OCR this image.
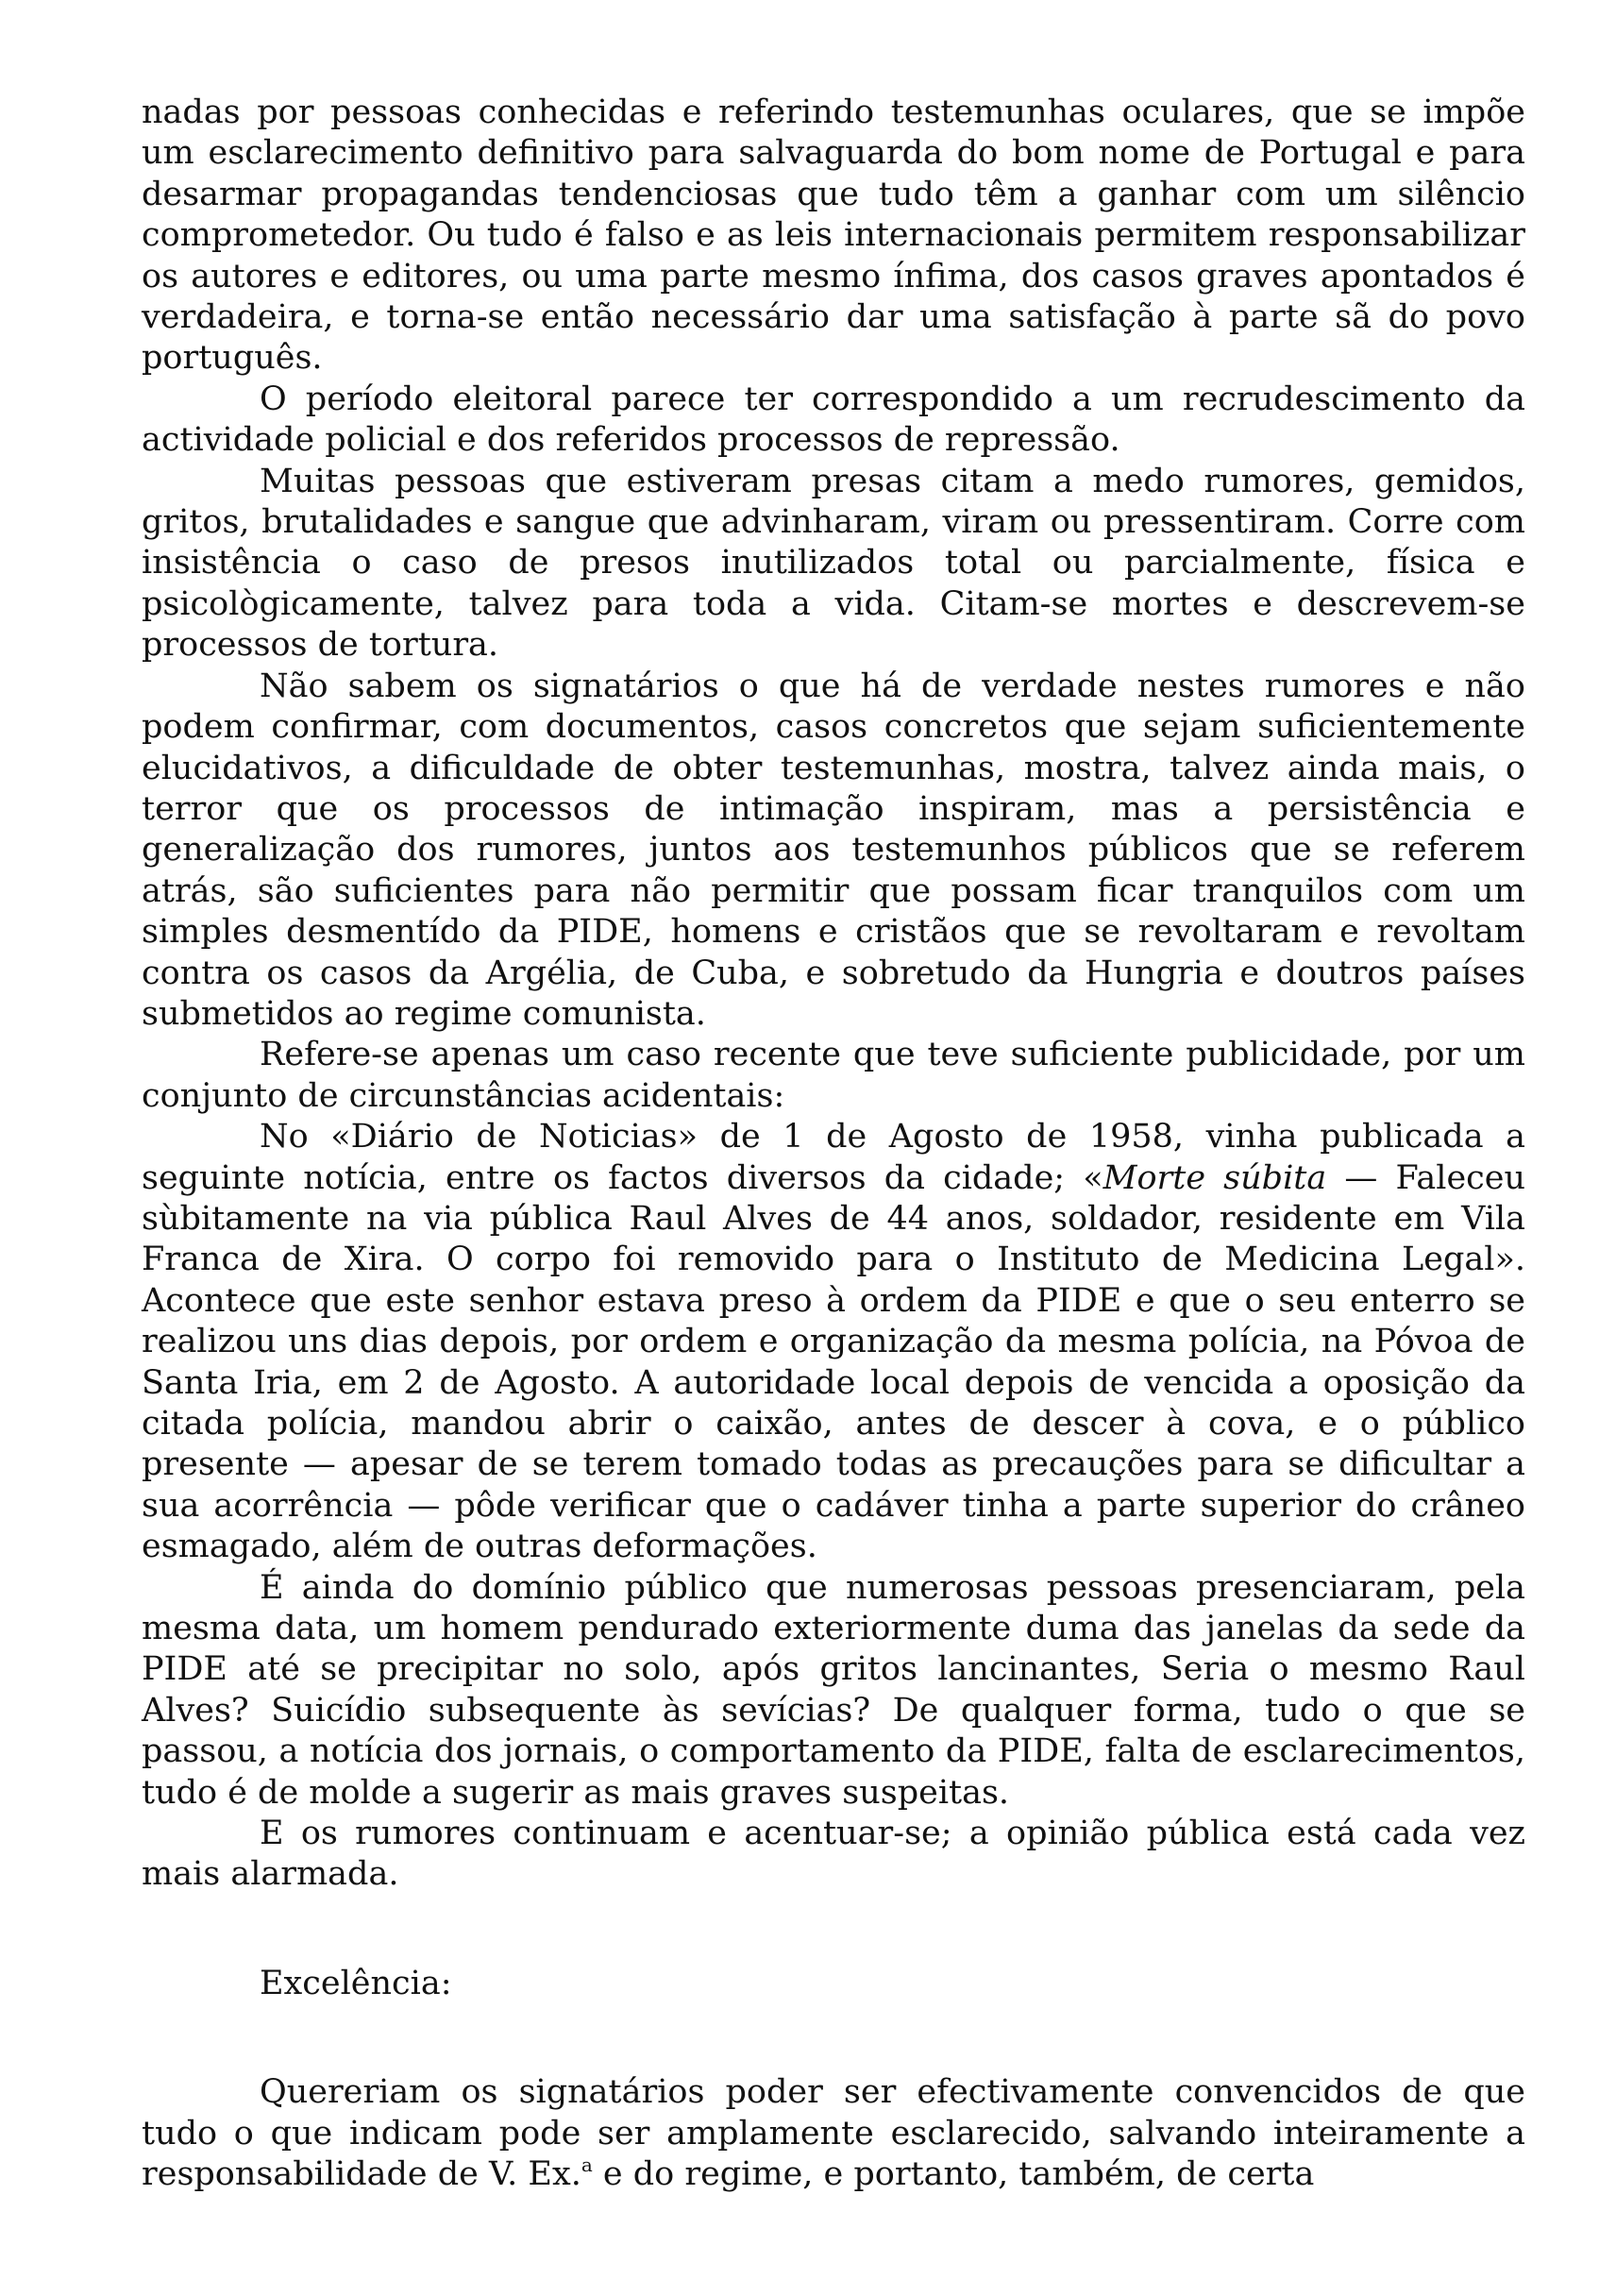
nadas por pessoas conhecidas e referindo testemunhas oculares, que se impõe um esclarecimento definitivo para salvaguarda do bom nome de Portugal e para desarmar propagandas tendenciosas que tudo têm a ganhar com um silêncio comprometedor. Ou tudo é falso e as leis internacionais permitem responsabilizar os autores e editores, ou uma parte mesmo ínfima, dos casos graves apontados é verdadeira, e torna-se então necessário dar uma satisfação à parte sã do povo português.

O período eleitoral parece ter correspondido a um recrudescimento da actividade policial e dos referidos processos de repressão.

Muitas pessoas que estiveram presas citam a medo rumores, gemidos, gritos, brutalidades e sangue que advinharam, viram ou pressentiram. Corre com insistência o caso de presos inutilizados total ou parcialmente, física e psicològicamente, talvez para toda a vida. Citam-se mortes e descrevem-se processos de tortura.

Não sabem os signatários o que há de verdade nestes rumores e não podem confirmar, com documentos, casos concretos que sejam suficientemente elucidativos, a dificuldade de obter testemunhas, mostra, talvez ainda mais, o terror que os processos de intimação inspiram, mas a persistência e generalização dos rumores, juntos aos testemunhos públicos que se referem atrás, são suficientes para não permitir que possam ficar tranquilos com um simples desmentído da PIDE, homens e cristãos que se revoltaram e revoltam contra os casos da Argélia, de Cuba, e sobretudo da Hungria e doutros países submetidos ao regime comunista.

Refere-se apenas um caso recente que teve suficiente publicidade, por um conjunto de circunstâncias acidentais:

No «Diário de Noticias» de 1 de Agosto de 1958, vinha publicada a seguinte notícia, entre os factos diversos da cidade; «Morte súbita — Faleceu sùbitamente na via pública Raul Alves de 44 anos, soldador, residente em Vila Franca de Xira. O corpo foi removido para o Instituto de Medicina Legal». Acontece que este senhor estava preso à ordem da PIDE e que o seu enterro se realizou uns dias depois, por ordem e organização da mesma polícia, na Póvoa de Santa Iria, em 2 de Agosto. A autoridade local depois de vencida a oposição da citada polícia, mandou abrir o caixão, antes de descer à cova, e o público presente — apesar de se terem tomado todas as precauções para se dificultar a sua acorrência — pôde verificar que o cadáver tinha a parte superior do crâneo esmagado, além de outras deformações.

É ainda do domínio público que numerosas pessoas presenciaram, pela mesma data, um homem pendurado exteriormente duma das janelas da sede da PIDE até se precipitar no solo, após gritos lancinantes, Seria o mesmo Raul Alves? Suicídio subsequente às sevícias? De qualquer forma, tudo o que se passou, a notícia dos jornais, o comportamento da PIDE, falta de esclarecimentos, tudo é de molde a sugerir as mais graves suspeitas.

E os rumores continuam e acentuar-se; a opinião pública está cada vez mais alarmada.

Excelência:

Quereriam os signatários poder ser efectivamente convencidos de que tudo o que indicam pode ser amplamente esclarecido, salvando inteiramente a responsabilidade de V. Ex.$^a$ e do regime, e portanto, também, de certa
